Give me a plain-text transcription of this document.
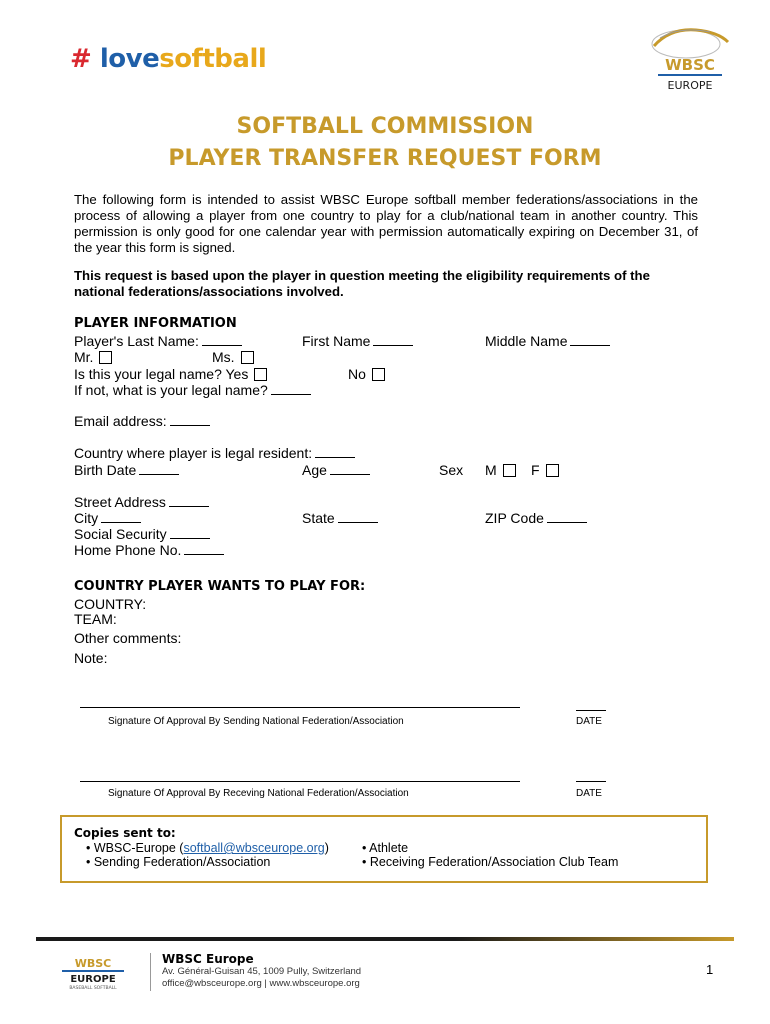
# lovesoftball	WBSC
EUROPE
SOFTBALL COMMISSION
PLAYER TRANSFER REQUEST FORM
The following form is intended to assist WBSC Europe softball member federations/associations in the process of allowing a player from one country to play for a club/national team in another country. This permission is only good for one calendar year with permission automatically expiring on December 31, of the year this form is signed.
This request is based upon the player in question meeting the eligibility requirements of the national federations/associations involved.
PLAYER INFORMATION
Player's Last Name:	First Name	Middle Name
Mr.	Ms.
Is this your legal name? Yes	No
If not, what is your legal name?
Email address:
Country where player is legal resident:
Birth Date	Age	Sex M	F
Street Address
City	State	ZIP Code
Social Security
Home Phone No.
COUNTRY PLAYER WANTS TO PLAY FOR:
COUNTRY:
TEAM:
Other comments:
Note:
Signature Of Approval By Sending National Federation/Association	DATE
Signature Of Approval By Receving National Federation/Association	DATE
Copies sent to:
• WBSC-Europe (softball@wbsceurope.org)
• Sending Federation/Association
• Athlete
• Receiving Federation/Association Club Team
WBSC
EUROPE
BASEBALL SOFTBALL
WBSC Europe
Av. Général-Guisan 45, 1009 Pully, Switzerland
office@wbsceurope.org | www.wbsceurope.org
1
